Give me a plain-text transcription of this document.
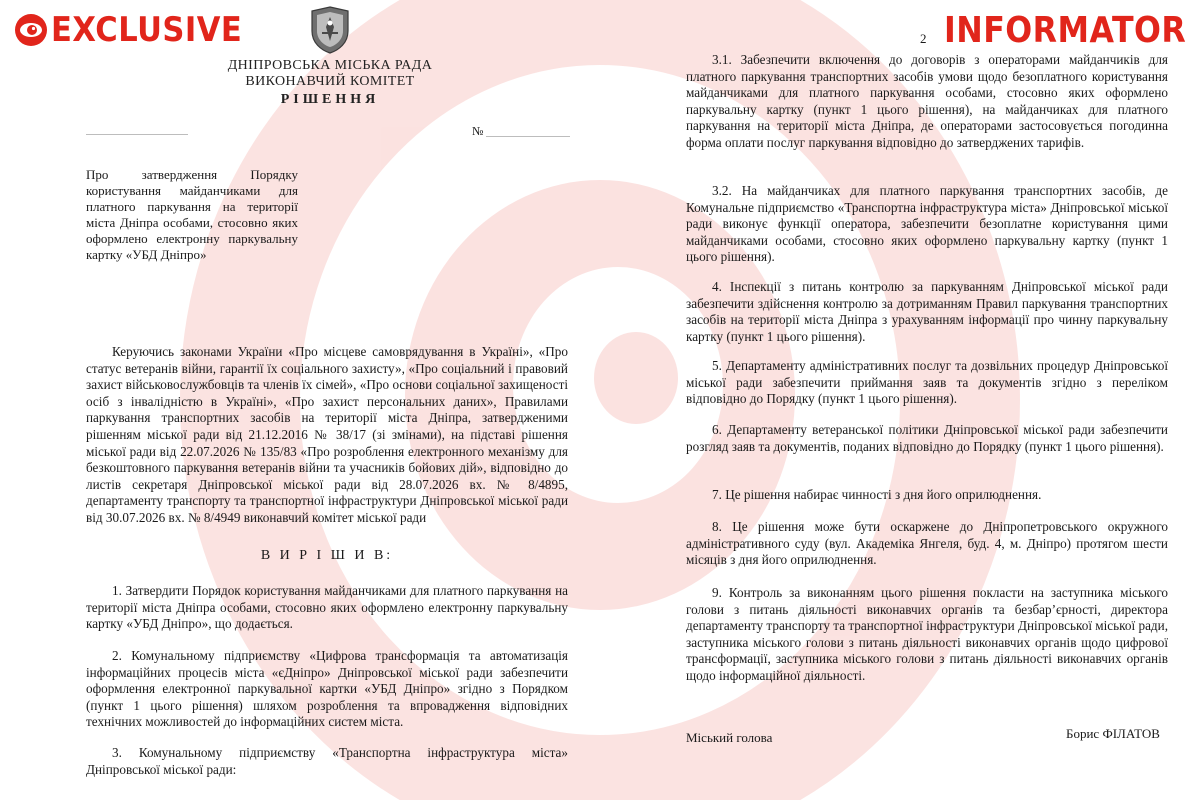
EXCLUSIVE	INFORMATOR
ДНІПРОВСЬКА МІСЬКА РАДА
ВИКОНАВЧИЙ КОМІТЕТ
РІШЕННЯ
№
Про затвердження Порядку користування майданчиками для платного паркування на території міста Дніпра особами, стосовно яких оформлено електронну паркувальну картку «УБД Дніпро»

Керуючись законами України «Про місцеве самоврядування в Україні», «Про статус ветеранів війни, гарантії їх соціального захисту», «Про соціальний і правовий захист військовослужбовців та членів їх сімей», «Про основи соціальної захищеності осіб з інвалідністю в Україні», «Про захист персональних даних», Правилами паркування транспортних засобів на території міста Дніпра, затвердженими рішенням міської ради від 21.12.2016 № 38/17 (зі змінами), на підставі рішення міської ради від 22.07.2026 № 135/83 «Про розроблення електронного механізму для безкоштовного паркування ветеранів війни та учасників бойових дій», відповідно до листів секретаря Дніпровської міської ради від 28.07.2026 вх. № 8/4895, департаменту транспорту та транспортної інфраструктури Дніпровської міської ради від 30.07.2026 вх. № 8/4949 виконавчий комітет міської ради

В И Р І Ш И В:

1. Затвердити Порядок користування майданчиками для платного паркування на території міста Дніпра особами, стосовно яких оформлено електронну паркувальну картку «УБД Дніпро», що додається.

2. Комунальному підприємству «Цифрова трансформація та автоматизація інформаційних процесів міста «єДніпро» Дніпровської міської ради забезпечити оформлення електронної паркувальної картки «УБД Дніпро» згідно з Порядком (пункт 1 цього рішення) шляхом розроблення та впровадження відповідних технічних можливостей до інформаційних систем міста.

3. Комунальному підприємству «Транспортна інфраструктура міста» Дніпровської міської ради:

2

3.1. Забезпечити включення до договорів з операторами майданчиків для платного паркування транспортних засобів умови щодо безоплатного користування майданчиками для платного паркування особами, стосовно яких оформлено паркувальну картку (пункт 1 цього рішення), на майданчиках для платного паркування на території міста Дніпра, де операторами застосовується погодинна форма оплати послуг паркування відповідно до затверджених тарифів.

3.2. На майданчиках для платного паркування транспортних засобів, де Комунальне підприємство «Транспортна інфраструктура міста» Дніпровської міської ради виконує функції оператора, забезпечити безоплатне користування цими майданчиками особами, стосовно яких оформлено паркувальну картку (пункт 1 цього рішення).

4. Інспекції з питань контролю за паркуванням Дніпровської міської ради забезпечити здійснення контролю за дотриманням Правил паркування транспортних засобів на території міста Дніпра з урахуванням інформації про чинну паркувальну картку (пункт 1 цього рішення).

5. Департаменту адміністративних послуг та дозвільних процедур Дніпровської міської ради забезпечити приймання заяв та документів згідно з переліком відповідно до Порядку (пункт 1 цього рішення).

6. Департаменту ветеранської політики Дніпровської міської ради забезпечити розгляд заяв та документів, поданих відповідно до Порядку (пункт 1 цього рішення).

7. Це рішення набирає чинності з дня його оприлюднення.

8. Це рішення може бути оскаржене до Дніпропетровського окружного адміністративного суду (вул. Академіка Янгеля, буд. 4, м. Дніпро) протягом шести місяців з дня його оприлюднення.

9. Контроль за виконанням цього рішення покласти на заступника міського голови з питань діяльності виконавчих органів та безбар’єрності, директора департаменту транспорту та транспортної інфраструктури Дніпровської міської ради, заступника міського голови з питань діяльності виконавчих органів щодо цифрової трансформації, заступника міського голови з питань діяльності виконавчих органів щодо інформаційної діяльності.

Міський голова	Борис ФІЛАТОВ
